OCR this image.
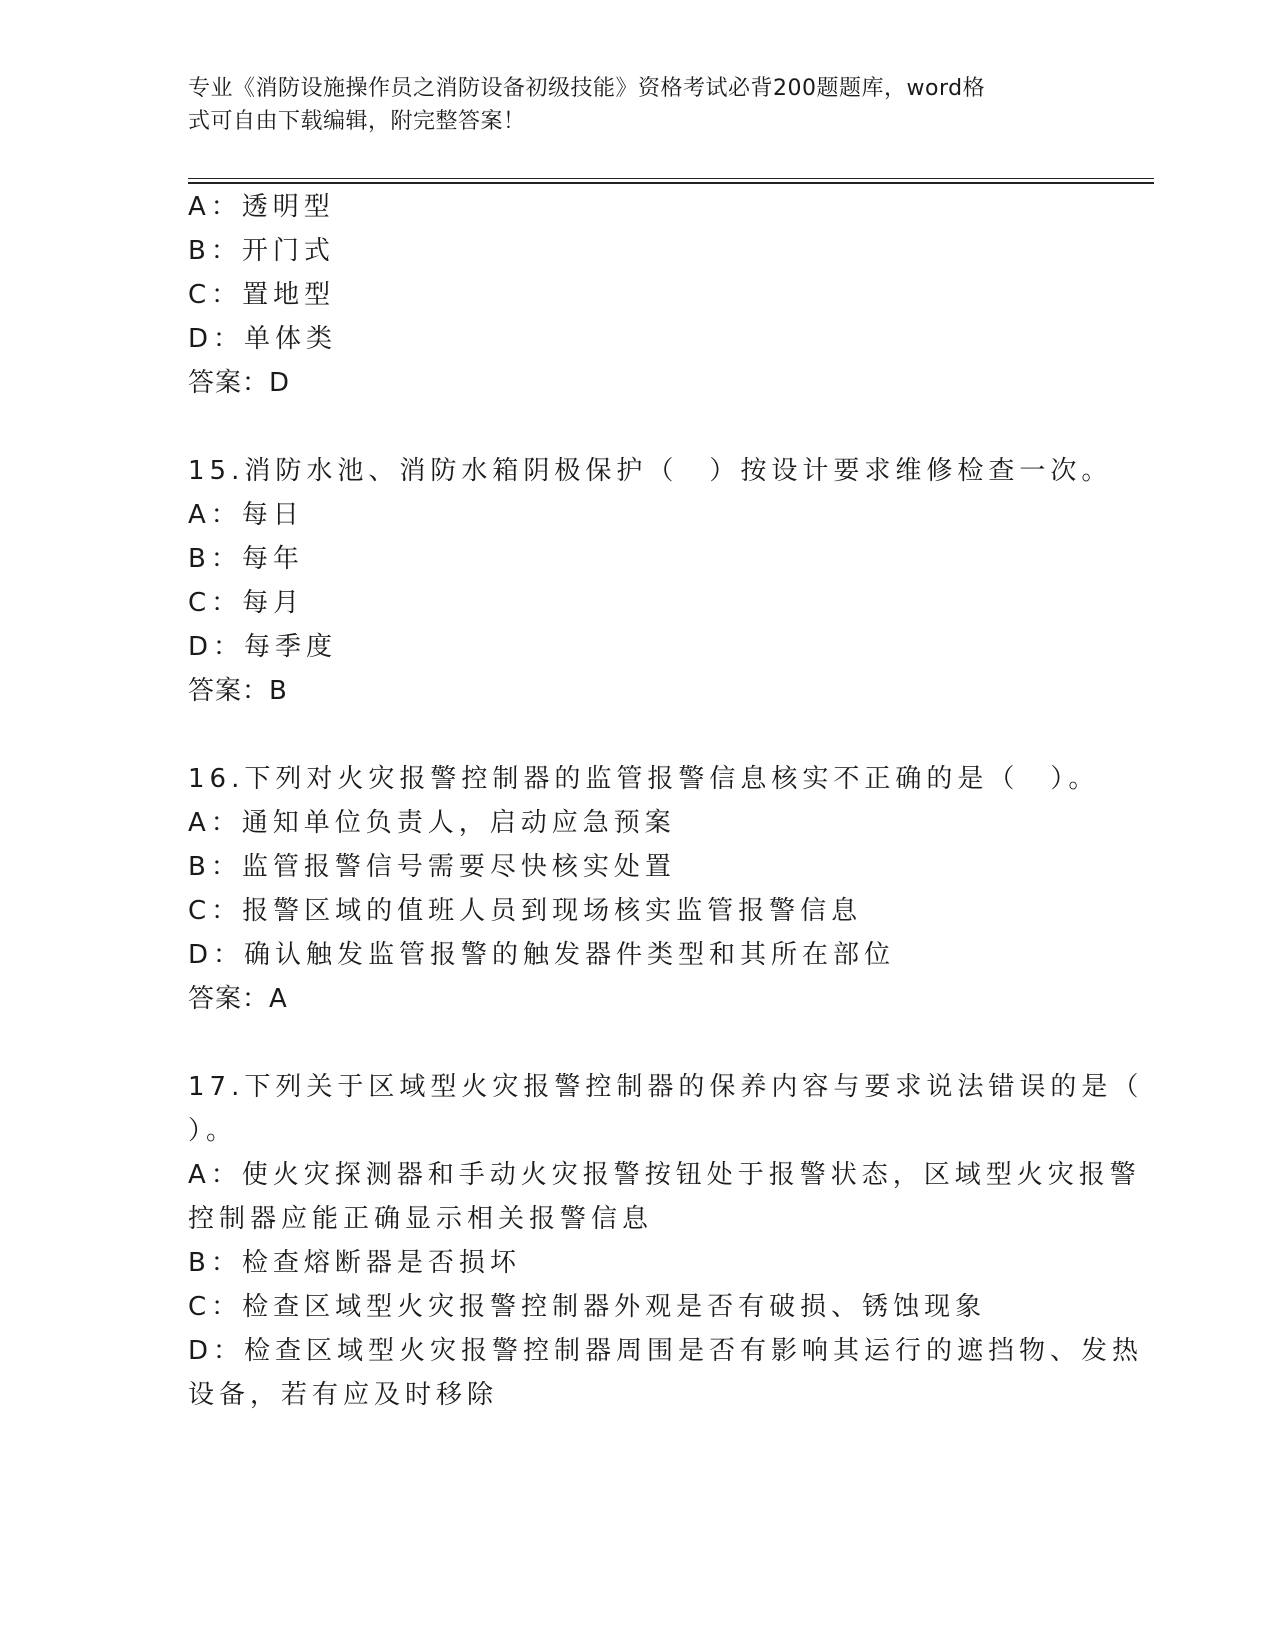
专业《消防设施操作员之消防设备初级技能》资格考试必背200题题库，word格
式可自由下载编辑，附完整答案！
A：透明型
B：开门式
C：置地型
D：单体类
答案：D
15.消防水池、消防水箱阴极保护（　）按设计要求维修检查一次。
A：每日
B：每年
C：每月
D：每季度
答案：B
16.下列对火灾报警控制器的监管报警信息核实不正确的是（　）。
A：通知单位负责人，启动应急预案
B：监管报警信号需要尽快核实处置
C：报警区域的值班人员到现场核实监管报警信息
D：确认触发监管报警的触发器件类型和其所在部位
答案：A
17.下列关于区域型火灾报警控制器的保养内容与要求说法错误的是（
）。
A：使火灾探测器和手动火灾报警按钮处于报警状态，区域型火灾报警
控制器应能正确显示相关报警信息
B：检查熔断器是否损坏
C：检查区域型火灾报警控制器外观是否有破损、锈蚀现象
D：检查区域型火灾报警控制器周围是否有影响其运行的遮挡物、发热
设备，若有应及时移除
